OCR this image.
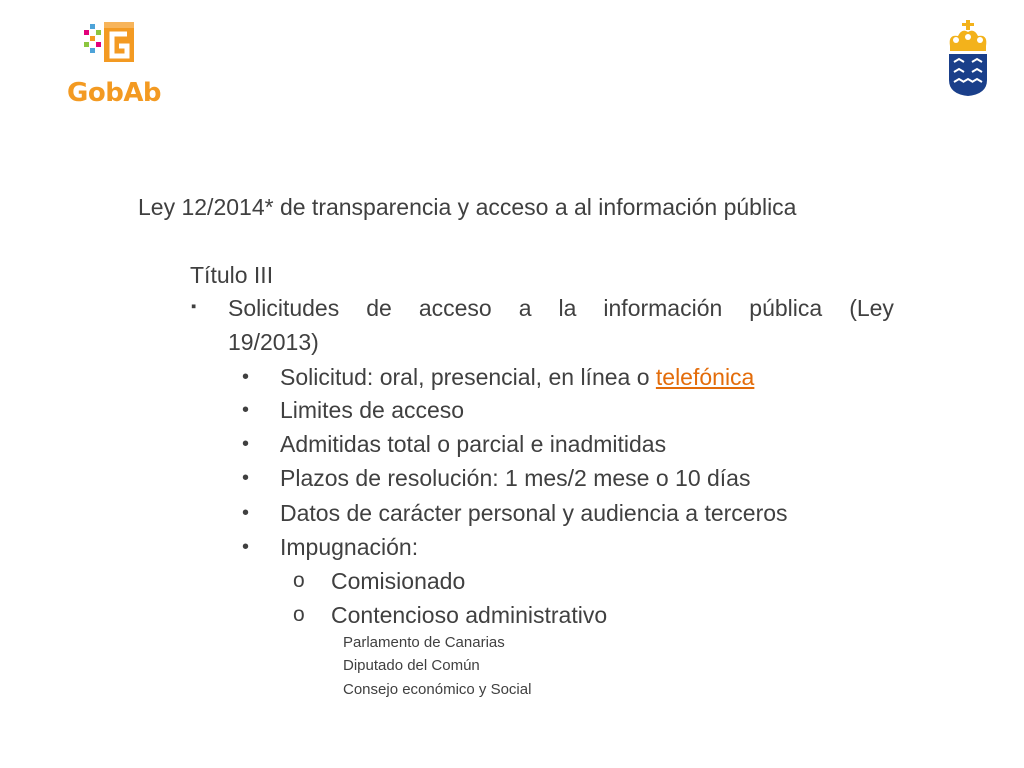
GobAb
Ley 12/2014* de transparencia y acceso a al información pública
Título III
▪ Solicitudes de acceso a la información pública (Ley
19/2013)
• Solicitud: oral, presencial, en línea o telefónica
• Limites de acceso
• Admitidas total o parcial e inadmitidas
• Plazos de resolución: 1 mes/2 mese o 10 días
• Datos de carácter personal y audiencia a terceros
• Impugnación:
o Comisionado
o Contencioso administrativo
Parlamento de Canarias
Diputado del Común
Consejo económico y Social
